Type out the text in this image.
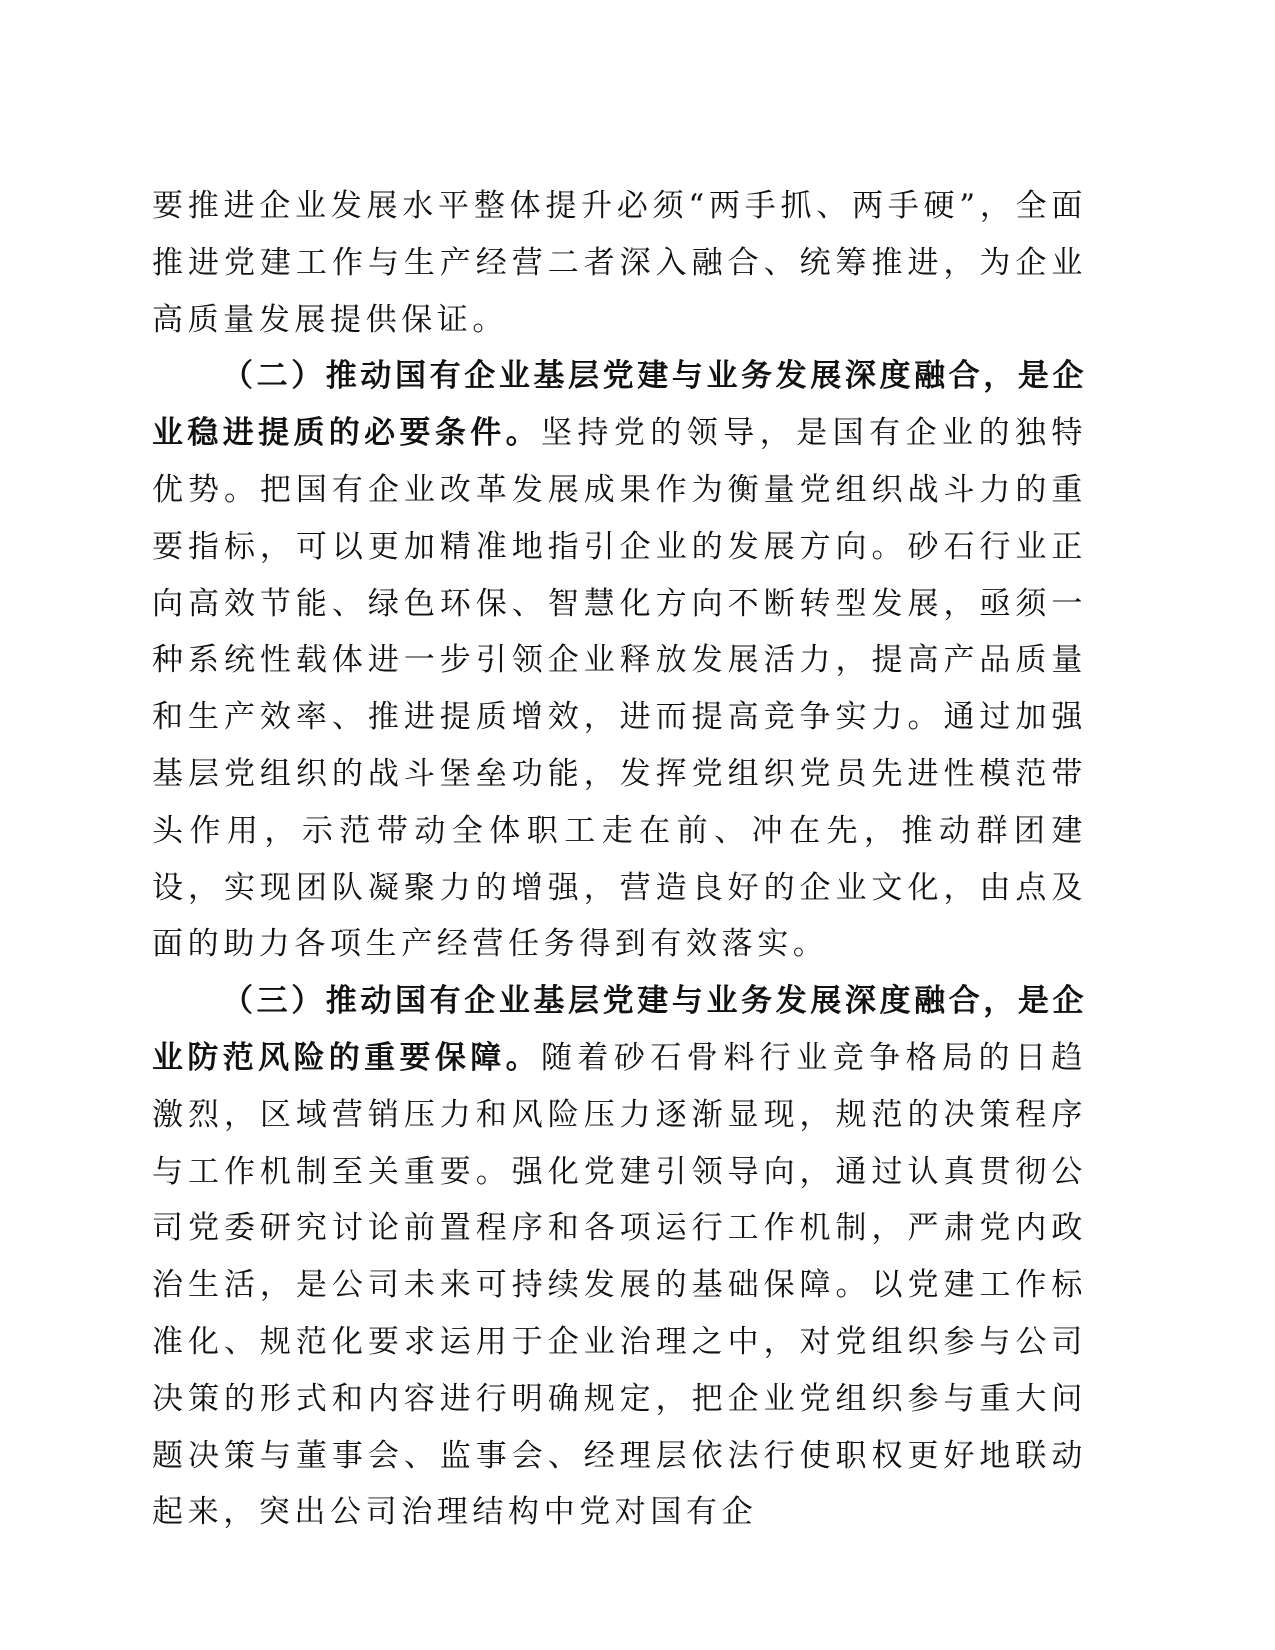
要推进企业发展水平整体提升必须“两手抓、两手硬”，全面推进党建工作与生产经营二者深入融合、统筹推进，为企业高质量发展提供保证。

（二）推动国有企业基层党建与业务发展深度融合，是企业稳进提质的必要条件。坚持党的领导，是国有企业的独特优势。把国有企业改革发展成果作为衡量党组织战斗力的重要指标，可以更加精准地指引企业的发展方向。砂石行业正向高效节能、绿色环保、智慧化方向不断转型发展，亟须一种系统性载体进一步引领企业释放发展活力，提高产品质量和生产效率、推进提质增效，进而提高竞争实力。通过加强基层党组织的战斗堡垒功能，发挥党组织党员先进性模范带头作用，示范带动全体职工走在前、冲在先，推动群团建设，实现团队凝聚力的增强，营造良好的企业文化，由点及面的助力各项生产经营任务得到有效落实。

（三）推动国有企业基层党建与业务发展深度融合，是企业防范风险的重要保障。随着砂石骨料行业竞争格局的日趋激烈，区域营销压力和风险压力逐渐显现，规范的决策程序与工作机制至关重要。强化党建引领导向，通过认真贯彻公司党委研究讨论前置程序和各项运行工作机制，严肃党内政治生活，是公司未来可持续发展的基础保障。以党建工作标准化、规范化要求运用于企业治理之中，对党组织参与公司决策的形式和内容进行明确规定，把企业党组织参与重大问题决策与董事会、监事会、经理层依法行使职权更好地联动起来，突出公司治理结构中党对国有企
